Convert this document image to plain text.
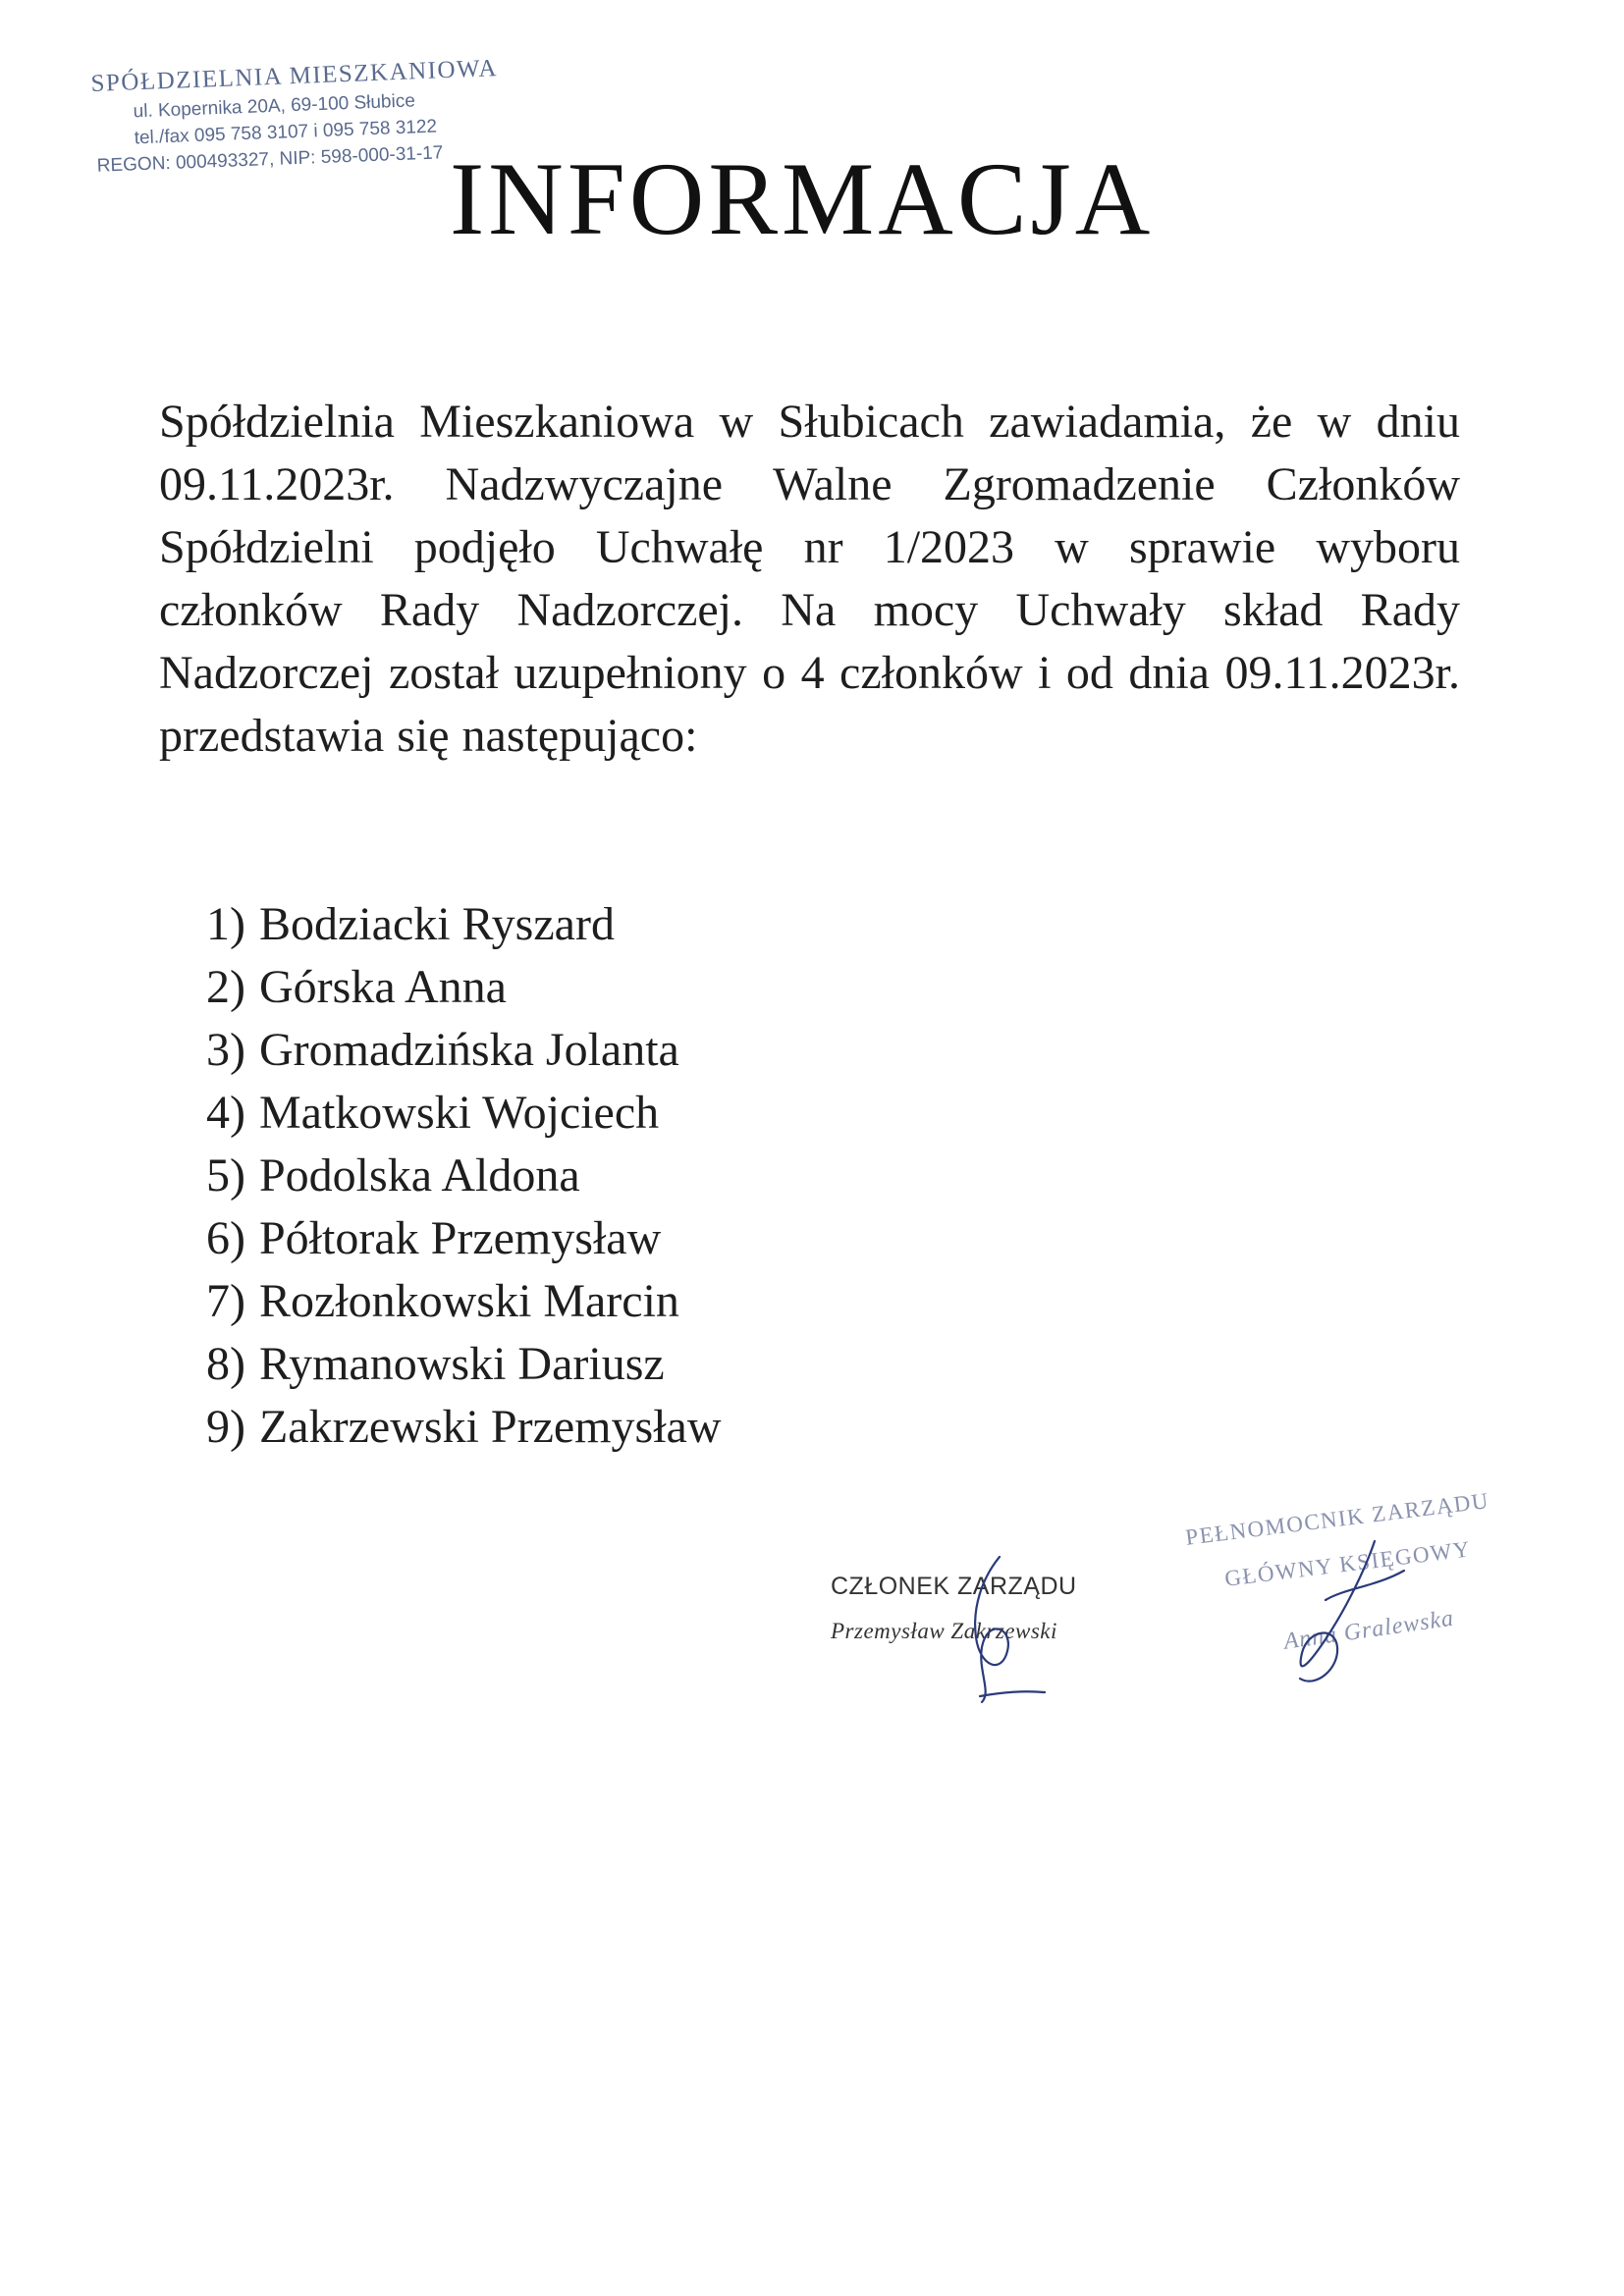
SPÓŁDZIELNIA MIESZKANIOWA
ul. Kopernika 20A, 69-100 Słubice
tel./fax 095 758 3107 i 095 758 3122
REGON: 000493327, NIP: 598-000-31-17 INFORMACJA

Spółdzielnia Mieszkaniowa w Słubicach zawiadamia, że w dniu 09.11.2023r. Nadzwyczajne Walne Zgromadzenie Członków Spółdzielni podjęło Uchwałę nr 1/2023 w sprawie wyboru członków Rady Nadzorczej. Na mocy Uchwały skład Rady Nadzorczej został uzupełniony o 4 członków i od dnia 09.11.2023r. przedstawia się następująco:

1) Bodziacki Ryszard
2) Górska Anna
3) Gromadzińska Jolanta
4) Matkowski Wojciech
5) Podolska Aldona
6) Półtorak Przemysław
7) Rozłonkowski Marcin
8) Rymanowski Dariusz
9) Zakrzewski Przemysław
CZŁONEK ZARZĄDU
Przemysław Zakrzewski
PEŁNOMOCNIK ZARZĄDU
GŁÓWNY KSIĘGOWY
Anna Gralewska
